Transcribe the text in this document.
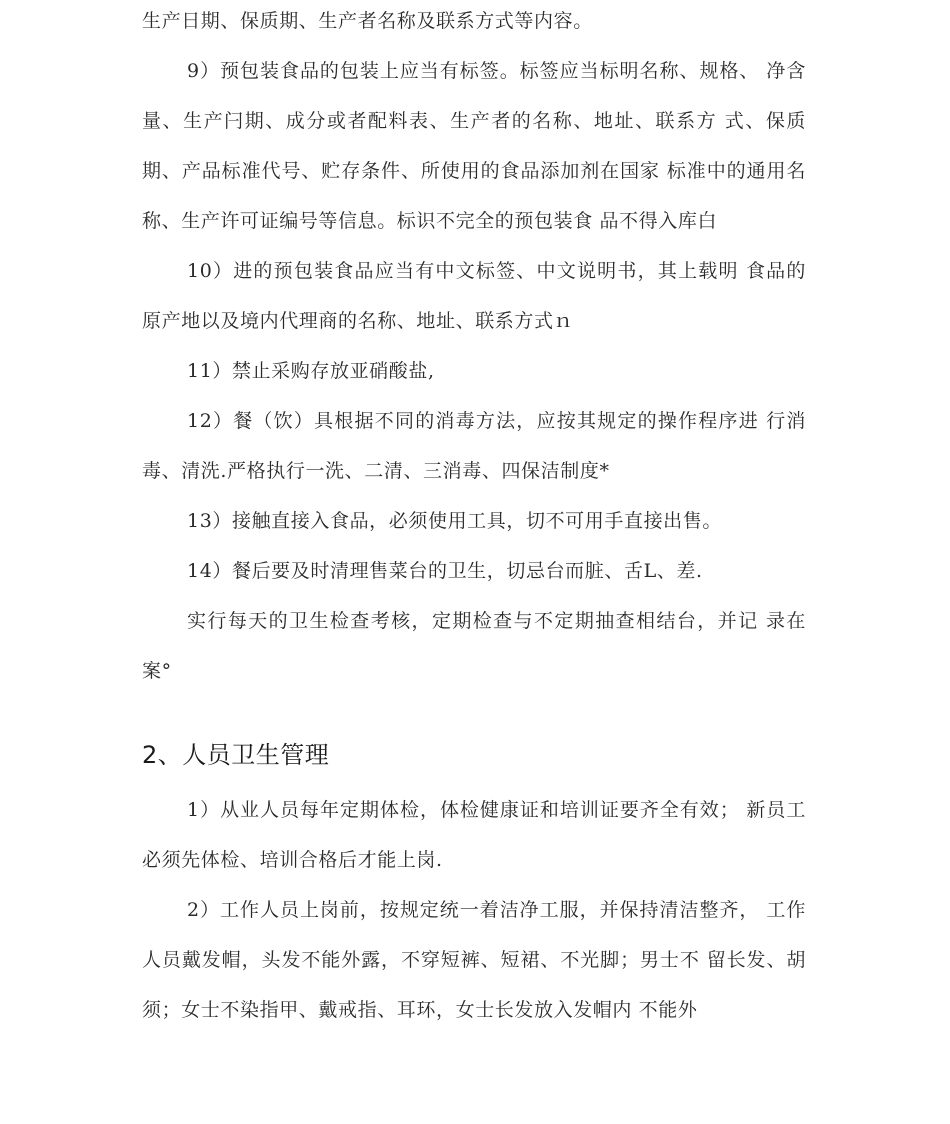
生产日期、保质期、生产者名称及联系方式等内容。

9）预包装食品的包装上应当有标签。标签应当标明名称、规格、 净含量、生产闩期、成分或者配料表、生产者的名称、地址、联系方 式、保质期、产品标准代号、贮存条件、所使用的食品添加剂在国家 标准中的通用名称、生产许可证编号等信息。标识不完全的预包装食 品不得入库白

10）进的预包装食品应当有中文标签、中文说明书，其上载明 食品的原产地以及境内代理商的名称、地址、联系方式ｎ

11）禁止采购存放亚硝酸盐,

12）餐（饮）具根据不同的消毒方法，应按其规定的操作程序进 行消毒、清洗.严格执行一洗、二清、三消毒、四保洁制度*

13）接触直接入食品，必须使用工具，切不可用手直接出售。

14）餐后要及时清理售菜台的卫生，切忌台而脏、舌L、差.

实行每天的卫生检查考核，定期检查与不定期抽查相结台，并记 录在案°

2、人员卫生管理

1）从业人员每年定期体检，体检健康证和培训证要齐全有效； 新员工必须先体检、培训合格后才能上岗.

2）工作人员上岗前，按规定统一着洁净工服，并保持清洁整齐， 工作人员戴发帽，头发不能外露，不穿短裤、短裙、不光脚；男士不 留长发、胡须；女士不染指甲、戴戒指、耳环，女士长发放入发帽内 不能外
